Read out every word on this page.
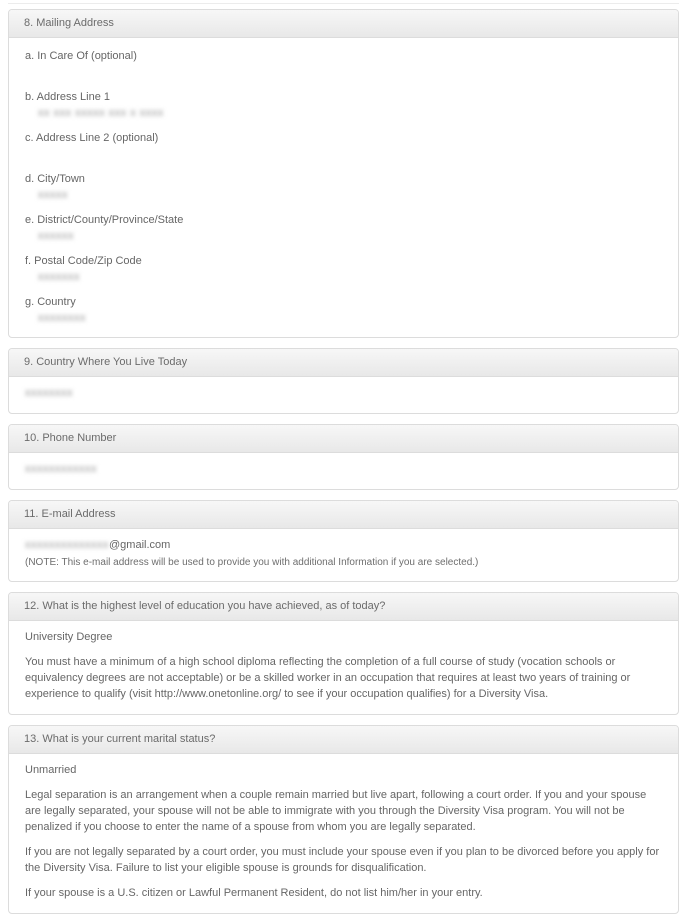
8. Mailing Address
a. In Care Of (optional)
b. Address Line 1
xx xxx xxxxx xxx x xxxx
c. Address Line 2 (optional)
d. City/Town
xxxxx
e. District/County/Province/State
xxxxxx
f. Postal Code/Zip Code
xxxxxxx
g. Country
xxxxxxxx
9. Country Where You Live Today
xxxxxxxx
10. Phone Number
xxxxxxxxxxxx
11. E-mail Address
xxxxxxxxxxxxxx@gmail.com
(NOTE: This e-mail address will be used to provide you with additional Information if you are selected.)
12. What is the highest level of education you have achieved, as of today?
University Degree
You must have a minimum of a high school diploma reflecting the completion of a full course of study (vocation schools or equivalency degrees are not acceptable) or be a skilled worker in an occupation that requires at least two years of training or experience to qualify (visit http://www.onetonline.org/ to see if your occupation qualifies) for a Diversity Visa.
13. What is your current marital status?
Unmarried
Legal separation is an arrangement when a couple remain married but live apart, following a court order. If you and your spouse are legally separated, your spouse will not be able to immigrate with you through the Diversity Visa program. You will not be penalized if you choose to enter the name of a spouse from whom you are legally separated.
If you are not legally separated by a court order, you must include your spouse even if you plan to be divorced before you apply for the Diversity Visa. Failure to list your eligible spouse is grounds for disqualification.
If your spouse is a U.S. citizen or Lawful Permanent Resident, do not list him/her in your entry.
